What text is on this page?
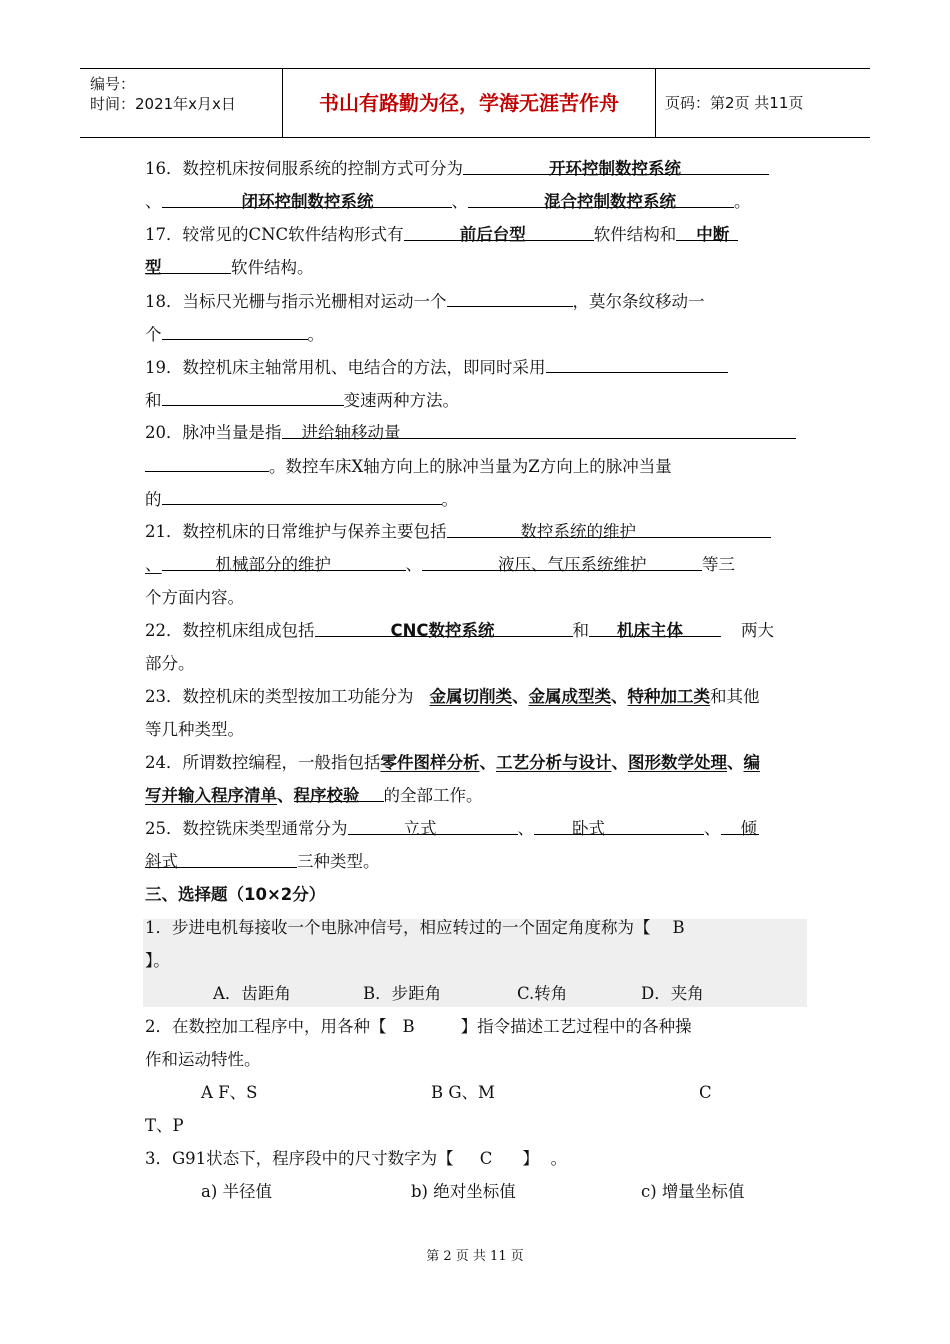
编号：
时间：2021年x月x日	书山有路勤为径，学海无涯苦作舟	页码：第2页 共11页
16．数控机床按伺服系统的控制方式可分为	开环控制数控系统
、	闭环控制数控系统	、	混合控制数控系统	。
17．较常见的CNC软件结构形式有	前后台型	软件结构和 中断
型	软件结构。
18．当标尺光栅与指示光栅相对运动一个	，莫尔条纹移动一
个	。
19．数控机床主轴常用机、电结合的方法，即同时采用
和	变速两种方法。
20．脉冲当量是指 进给轴移动量
。数控车床X轴方向上的脉冲当量为Z方向上的脉冲当量
的	。
21．数控机床的日常维护与保养主要包括	数控系统的维护
、	机械部分的维护	、	液压、气压系统维护	等三
个方面内容。
22．数控机床组成包括	CNC数控系统	和 机床主体	两大
部分。
23．数控机床的类型按加工功能分为 金属切削类、金属成型类、特种加工类和其他
等几种类型。
24．所谓数控编程，一般指包括零件图样分析、工艺分析与设计、图形数学处理、编
写并输入程序清单、程序校验 的全部工作。
25．数控铣床类型通常分为	立式	、 卧式	、 倾
斜式	三种类型。
三、选择题（10×2分）
1．步进电机每接收一个电脉冲信号，相应转过的一个固定角度称为【 B
】。
A．齿距角	B．步距角	C.转角	D．夹角
2．在数控加工程序中，用各种【 B	】指令描述工艺过程中的各种操
作和运动特性。
A F、S	B G、M	C
T、P
3．G91状态下，程序段中的尺寸数字为【 C 】 。
a) 半径值	b) 绝对坐标值	c) 增量坐标值
第 2 页 共 11 页
